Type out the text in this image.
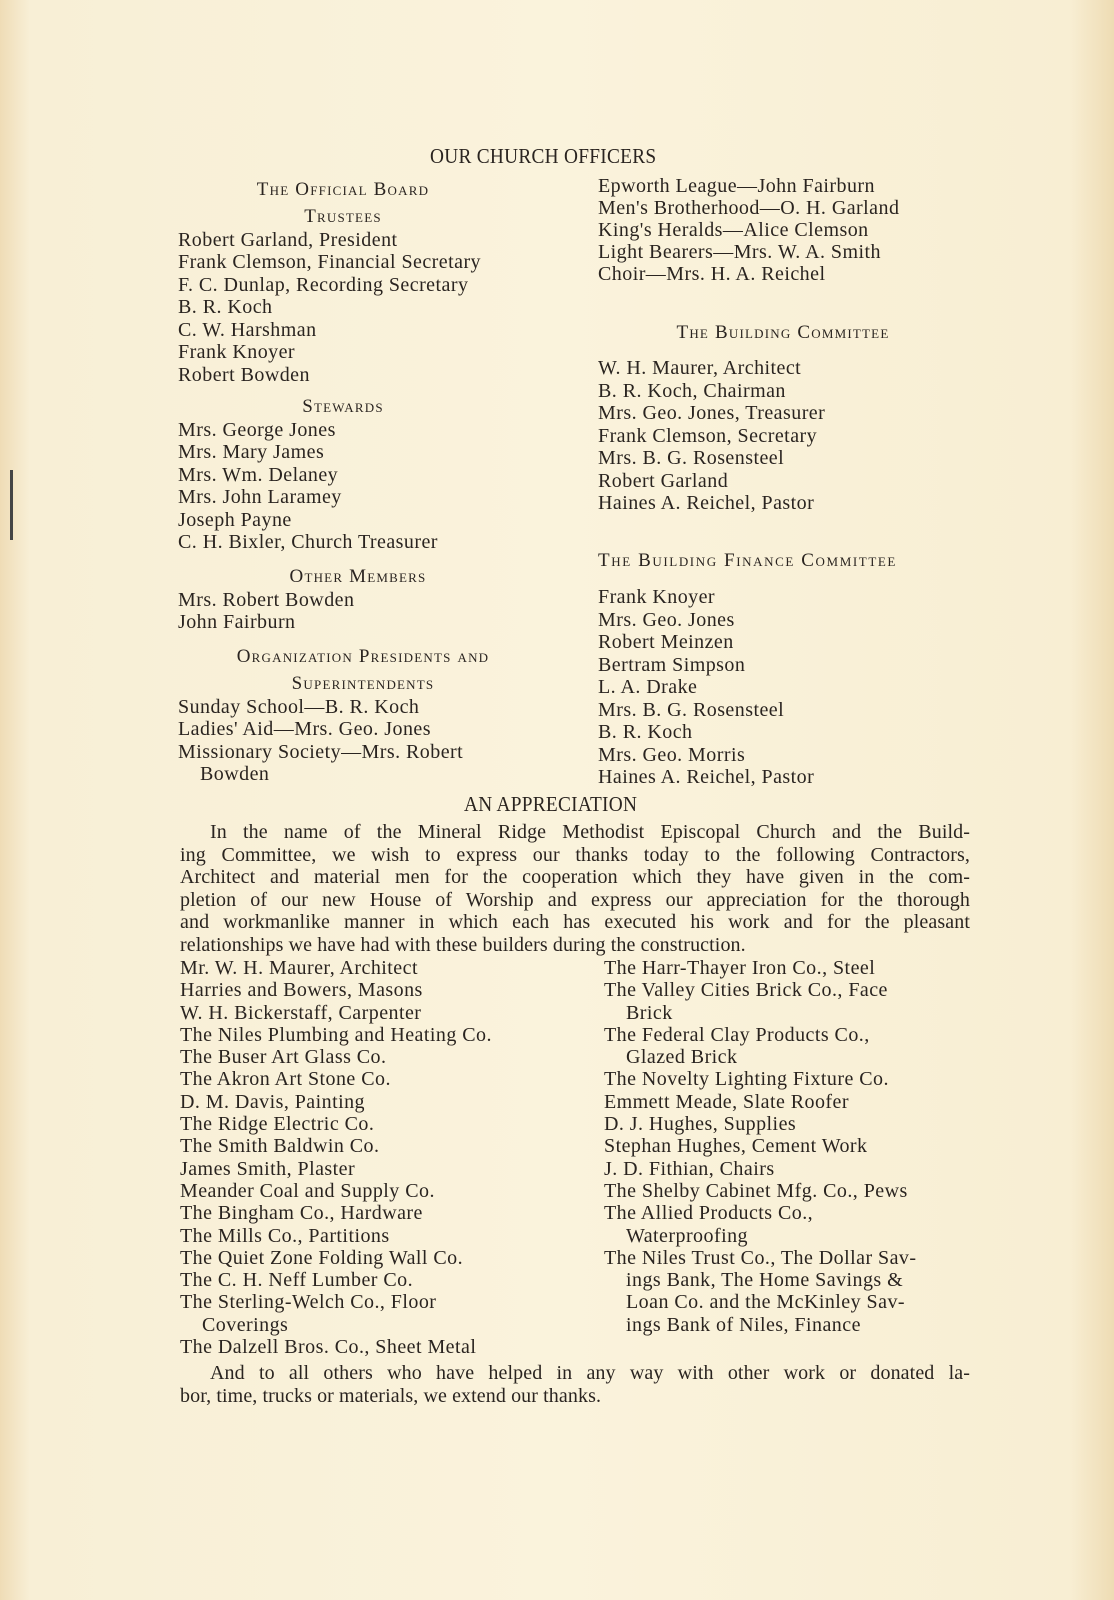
OUR CHURCH OFFICERS
The Official Board
Trustees
Robert Garland, President
Frank Clemson, Financial Secretary
F. C. Dunlap, Recording Secretary
B. R. Koch
C. W. Harshman
Frank Knoyer
Robert Bowden
Stewards
Mrs. George Jones
Mrs. Mary James
Mrs. Wm. Delaney
Mrs. John Laramey
Joseph Payne
C. H. Bixler, Church Treasurer
Other Members
Mrs. Robert Bowden
John Fairburn
Organization Presidents and
Superintendents
Sunday School—B. R. Koch
Ladies' Aid—Mrs. Geo. Jones
Missionary Society—Mrs. Robert
Bowden
Epworth League—John Fairburn
Men's Brotherhood—O. H. Garland
King's Heralds—Alice Clemson
Light Bearers—Mrs. W. A. Smith
Choir—Mrs. H. A. Reichel
The Building Committee
W. H. Maurer, Architect
B. R. Koch, Chairman
Mrs. Geo. Jones, Treasurer
Frank Clemson, Secretary
Mrs. B. G. Rosensteel
Robert Garland
Haines A. Reichel, Pastor
The Building Finance Committee
Frank Knoyer
Mrs. Geo. Jones
Robert Meinzen
Bertram Simpson
L. A. Drake
Mrs. B. G. Rosensteel
B. R. Koch
Mrs. Geo. Morris
Haines A. Reichel, Pastor
AN APPRECIATION
In the name of the Mineral Ridge Methodist Episcopal Church and the Build-
ing Committee, we wish to express our thanks today to the following Contractors,
Architect and material men for the cooperation which they have given in the com-
pletion of our new House of Worship and express our appreciation for the thorough
and workmanlike manner in which each has executed his work and for the pleasant
relationships we have had with these builders during the construction.
Mr. W. H. Maurer, Architect
Harries and Bowers, Masons
W. H. Bickerstaff, Carpenter
The Niles Plumbing and Heating Co.
The Buser Art Glass Co.
The Akron Art Stone Co.
D. M. Davis, Painting
The Ridge Electric Co.
The Smith Baldwin Co.
James Smith, Plaster
Meander Coal and Supply Co.
The Bingham Co., Hardware
The Mills Co., Partitions
The Quiet Zone Folding Wall Co.
The C. H. Neff Lumber Co.
The Sterling-Welch Co., Floor
Coverings
The Dalzell Bros. Co., Sheet Metal
The Harr-Thayer Iron Co., Steel
The Valley Cities Brick Co., Face
Brick
The Federal Clay Products Co.,
Glazed Brick
The Novelty Lighting Fixture Co.
Emmett Meade, Slate Roofer
D. J. Hughes, Supplies
Stephan Hughes, Cement Work
J. D. Fithian, Chairs
The Shelby Cabinet Mfg. Co., Pews
The Allied Products Co.,
Waterproofing
The Niles Trust Co., The Dollar Sav-
ings Bank, The Home Savings &
Loan Co. and the McKinley Sav-
ings Bank of Niles, Finance
And to all others who have helped in any way with other work or donated la-
bor, time, trucks or materials, we extend our thanks.
